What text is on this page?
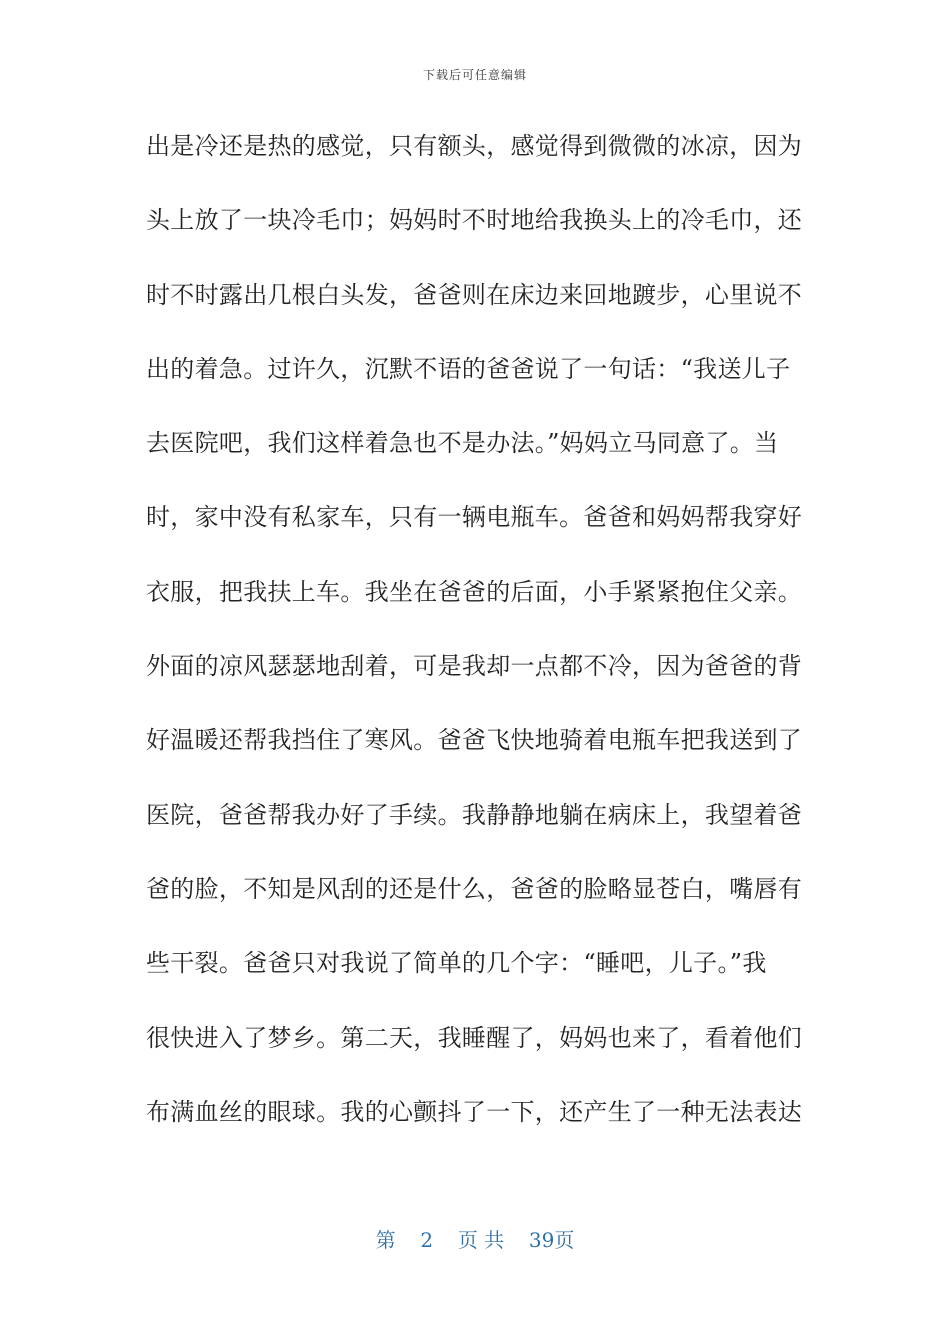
下载后可任意编辑
出是冷还是热的感觉，只有额头，感觉得到微微的冰凉，因为
头上放了一块冷毛巾；妈妈时不时地给我换头上的冷毛巾，还
时不时露出几根白头发，爸爸则在床边来回地踱步，心里说不
出的着急。过许久，沉默不语的爸爸说了一句话：“我送儿子
去医院吧，我们这样着急也不是办法。”妈妈立马同意了。当
时，家中没有私家车，只有一辆电瓶车。爸爸和妈妈帮我穿好
衣服，把我扶上车。我坐在爸爸的后面，小手紧紧抱住父亲。
外面的凉风瑟瑟地刮着，可是我却一点都不冷，因为爸爸的背
好温暖还帮我挡住了寒风。爸爸飞快地骑着电瓶车把我送到了
医院，爸爸帮我办好了手续。我静静地躺在病床上，我望着爸
爸的脸，不知是风刮的还是什么，爸爸的脸略显苍白，嘴唇有
些干裂。爸爸只对我说了简单的几个字：“睡吧，儿子。”我
很快进入了梦乡。第二天，我睡醒了，妈妈也来了，看着他们
布满血丝的眼球。我的心颤抖了一下，还产生了一种无法表达
第 2 页 共 39页
